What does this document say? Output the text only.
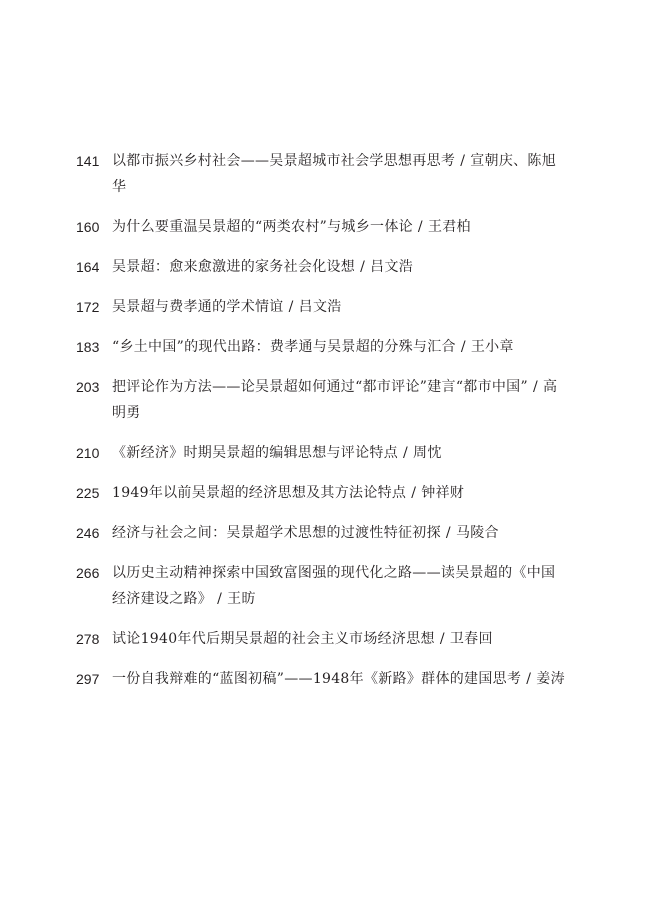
141 以都市振兴乡村社会——吴景超城市社会学思想再思考 / 宣朝庆、陈旭华
160 为什么要重温吴景超的“两类农村”与城乡一体论 / 王君柏
164 吴景超：愈来愈激进的家务社会化设想 / 吕文浩
172 吴景超与费孝通的学术情谊 / 吕文浩
183 “乡土中国”的现代出路：费孝通与吴景超的分殊与汇合 / 王小章
203 把评论作为方法——论吴景超如何通过“都市评论”建言“都市中国” / 高明勇
210 《新经济》时期吴景超的编辑思想与评论特点 / 周忱
225 1949年以前吴景超的经济思想及其方法论特点 / 钟祥财
246 经济与社会之间：吴景超学术思想的过渡性特征初探 / 马陵合
266 以历史主动精神探索中国致富图强的现代化之路——读吴景超的《中国经济建设之路》 / 王昉
278 试论1940年代后期吴景超的社会主义市场经济思想 / 卫春回
297 一份自我辩难的“蓝图初稿”——1948年《新路》群体的建国思考 / 姜涛
